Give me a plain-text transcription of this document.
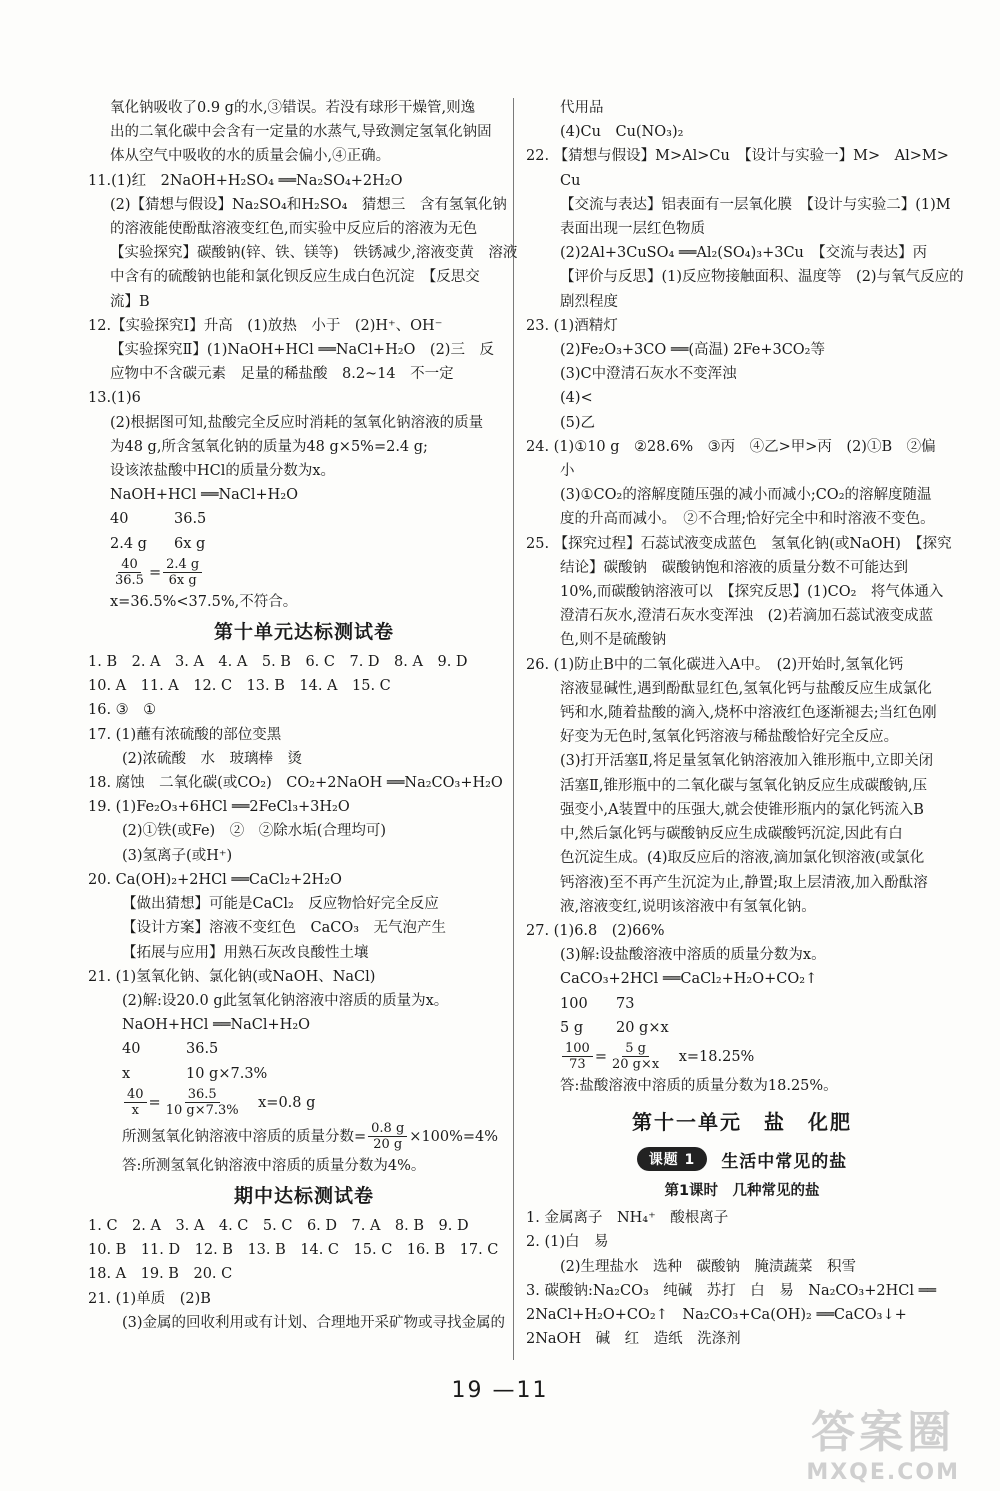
氧化钠吸收了0.9 g的水,③错误。若没有球形干燥管,则逸
出的二氧化碳中会含有一定量的水蒸气,导致测定氢氧化钠固
体从空气中吸收的水的质量会偏小,④正确。
11.(1)红　2NaOH+H₂SO₄ ══Na₂SO₄+2H₂O
(2)【猜想与假设】Na₂SO₄和H₂SO₄　猜想三　含有氢氧化钠
的溶液能使酚酞溶液变红色,而实验中反应后的溶液为无色
【实验探究】碳酸钠(锌、铁、镁等)　铁锈减少,溶液变黄　溶液
中含有的硫酸钠也能和氯化钡反应生成白色沉淀　【反思交
流】B
12.【实验探究Ⅰ】升高　(1)放热　小于　(2)H⁺、OH⁻
【实验探究Ⅱ】(1)NaOH+HCl ══NaCl+H₂O　(2)三　反
应物中不含碳元素　足量的稀盐酸　8.2~14　不一定
13.(1)6
(2)根据图可知,盐酸完全反应时消耗的氢氧化钠溶液的质量
为48 g,所含氢氧化钠的质量为48 g×5%=2.4 g;
设该浓盐酸中HCl的质量分数为x。
NaOH+HCl ══NaCl+H₂O
40	36.5
2.4 g 6x g
$\frac{40}{36.5} = \frac{2.4 g}{\text{6x g}}$
x=36.5%<37.5%,不符合。
第十单元达标测试卷
1. B　2. A　3. A　4. A　5. B　6. C　7. D　8. A　9. D
10. A　11. A　12. C　13. B　14. A　15. C
16. ③　①
17. (1)蘸有浓硫酸的部位变黑
(2)浓硫酸　水　玻璃棒　烫
18. 腐蚀　二氧化碳(或CO₂)　CO₂+2NaOH ══Na₂CO₃+H₂O
19. (1)Fe₂O₃+6HCl ══2FeCl₃+3H₂O
(2)①铁(或Fe)　②　②除水垢(合理均可)
(3)氢离子(或H⁺)
20. Ca(OH)₂+2HCl ══CaCl₂+2H₂O
【做出猜想】可能是CaCl₂　反应物恰好完全反应
【设计方案】溶液不变红色　CaCO₃　无气泡产生
【拓展与应用】用熟石灰改良酸性土壤
21. (1)氢氧化钠、氯化钠(或NaOH、NaCl)
(2)解:设20.0 g此氢氧化钠溶液中溶质的质量为x。
NaOH+HCl ══NaCl+H₂O
40	36.5
x	10 g×7.3%
$\frac{40}{x} = \frac{36.5}{10 g\times 7.3\%}$
　 x=0.8 g
所测氢氧化钠溶液中溶质的质量分数= $\frac{0.8 g}{20 g} \times 100\%=4\%$
答:所测氢氧化钠溶液中溶质的质量分数为4%。
期中达标测试卷
1. C　2. A　3. A　4. C　5. C　6. D　7. A　8. B　9. D
10. B　11. D　12. B　13. B　14. C　15. C　16. B　17. C
18. A　19. B　20. C
21. (1)单质　(2)B
(3)金属的回收利用或有计划、合理地开采矿物或寻找金属的
代用品
(4)Cu　Cu(NO₃)₂
22. 【猜想与假设】M>Al>Cu　【设计与实验一】M>　Al>M>
Cu
【交流与表达】铝表面有一层氧化膜　【设计与实验二】(1)M
表面出现一层红色物质
(2)2Al+3CuSO₄ ══Al₂(SO₄)₃+3Cu　【交流与表达】丙
【评价与反思】(1)反应物接触面积、温度等　(2)与氧气反应的
剧烈程度
23. (1)酒精灯
(2)Fe₂O₃+3CO ══(高温) 2Fe+3CO₂等
(3)C中澄清石灰水不变浑浊
(4)<
(5)乙
24. (1)①10 g　②28.6%　③丙　④乙>甲>丙　(2)①B　②偏
小
(3)①CO₂的溶解度随压强的减小而减小;CO₂的溶解度随温
度的升高而减小。　②不合理;恰好完全中和时溶液不变色。
25. 【探究过程】石蕊试液变成蓝色　氢氧化钠(或NaOH)　【探究
结论】碳酸钠　碳酸钠饱和溶液的质量分数不可能达到
10%,而碳酸钠溶液可以　【探究反思】(1)CO₂　将气体通入
澄清石灰水,澄清石灰水变浑浊　(2)若滴加石蕊试液变成蓝
色,则不是硫酸钠
26. (1)防止B中的二氧化碳进入A中。　(2)开始时,氢氧化钙
溶液显碱性,遇到酚酞显红色,氢氧化钙与盐酸反应生成氯化
钙和水,随着盐酸的滴入,烧杯中溶液红色逐渐褪去;当红色刚
好变为无色时,氢氧化钙溶液与稀盐酸恰好完全反应。
(3)打开活塞Ⅱ,将足量氢氧化钠溶液加入锥形瓶中,立即关闭
活塞Ⅱ,锥形瓶中的二氧化碳与氢氧化钠反应生成碳酸钠,压
强变小,A装置中的压强大,就会使锥形瓶内的氯化钙流入B
中,然后氯化钙与碳酸钠反应生成碳酸钙沉淀,因此有白
色沉淀生成。(4)取反应后的溶液,滴加氯化钡溶液(或氯化
钙溶液)至不再产生沉淀为止,静置;取上层清液,加入酚酞溶
液,溶液变红,说明该溶液中有氢氧化钠。
27. (1)6.8　(2)66%
(3)解:设盐酸溶液中溶质的质量分数为x。
CaCO₃+2HCl ══CaCl₂+H₂O+CO₂↑
100 73
5 g 20 g×x
$\frac{100}{73} = \frac{5 g}{20 g\times x}$
　 x=18.25%
答:盐酸溶液中溶质的质量分数为18.25%。
第十一单元　盐　化肥
课题 1	生活中常见的盐
第1课时　几种常见的盐
1. 金属离子　NH₄⁺　酸根离子
2. (1)白　易
(2)生理盐水　选种　碳酸钠　腌渍蔬菜　积雪
3. 碳酸钠:Na₂CO₃　纯碱　苏打　白　易　Na₂CO₃+2HCl ══
2NaCl+H₂O+CO₂↑　Na₂CO₃+Ca(OH)₂ ══CaCO₃↓+
2NaOH　碱　红　造纸　洗涤剂
19 —11
答案圈
MXQE.COM
